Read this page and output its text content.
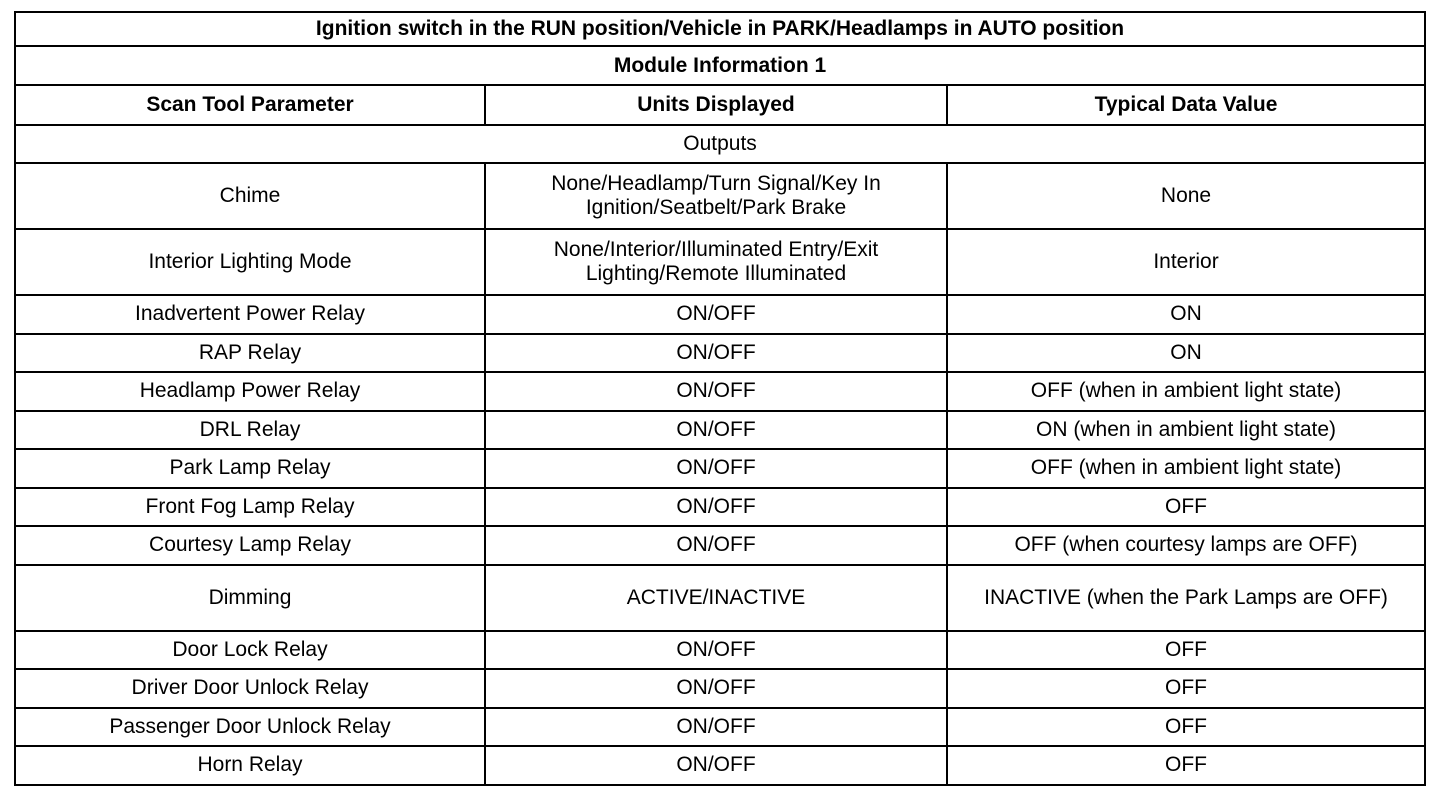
Ignition switch in the RUN position/Vehicle in PARK/Headlamps in AUTO position		
Module Information 1		
Scan Tool Parameter	Units Displayed	Typical Data Value
Outputs		
Chime	None/Headlamp/Turn Signal/Key In Ignition/Seatbelt/Park Brake	None
Interior Lighting Mode	None/Interior/Illuminated Entry/Exit Lighting/Remote Illuminated	Interior
Inadvertent Power Relay	ON/OFF	ON
RAP Relay	ON/OFF	ON
Headlamp Power Relay	ON/OFF	OFF (when in ambient light state)
DRL Relay	ON/OFF	ON (when in ambient light state)
Park Lamp Relay	ON/OFF	OFF (when in ambient light state)
Front Fog Lamp Relay	ON/OFF	OFF
Courtesy Lamp Relay	ON/OFF	OFF (when courtesy lamps are OFF)
Dimming	ACTIVE/INACTIVE	INACTIVE (when the Park Lamps are OFF)
Door Lock Relay	ON/OFF	OFF
Driver Door Unlock Relay	ON/OFF	OFF
Passenger Door Unlock Relay	ON/OFF	OFF
Horn Relay	ON/OFF	OFF
